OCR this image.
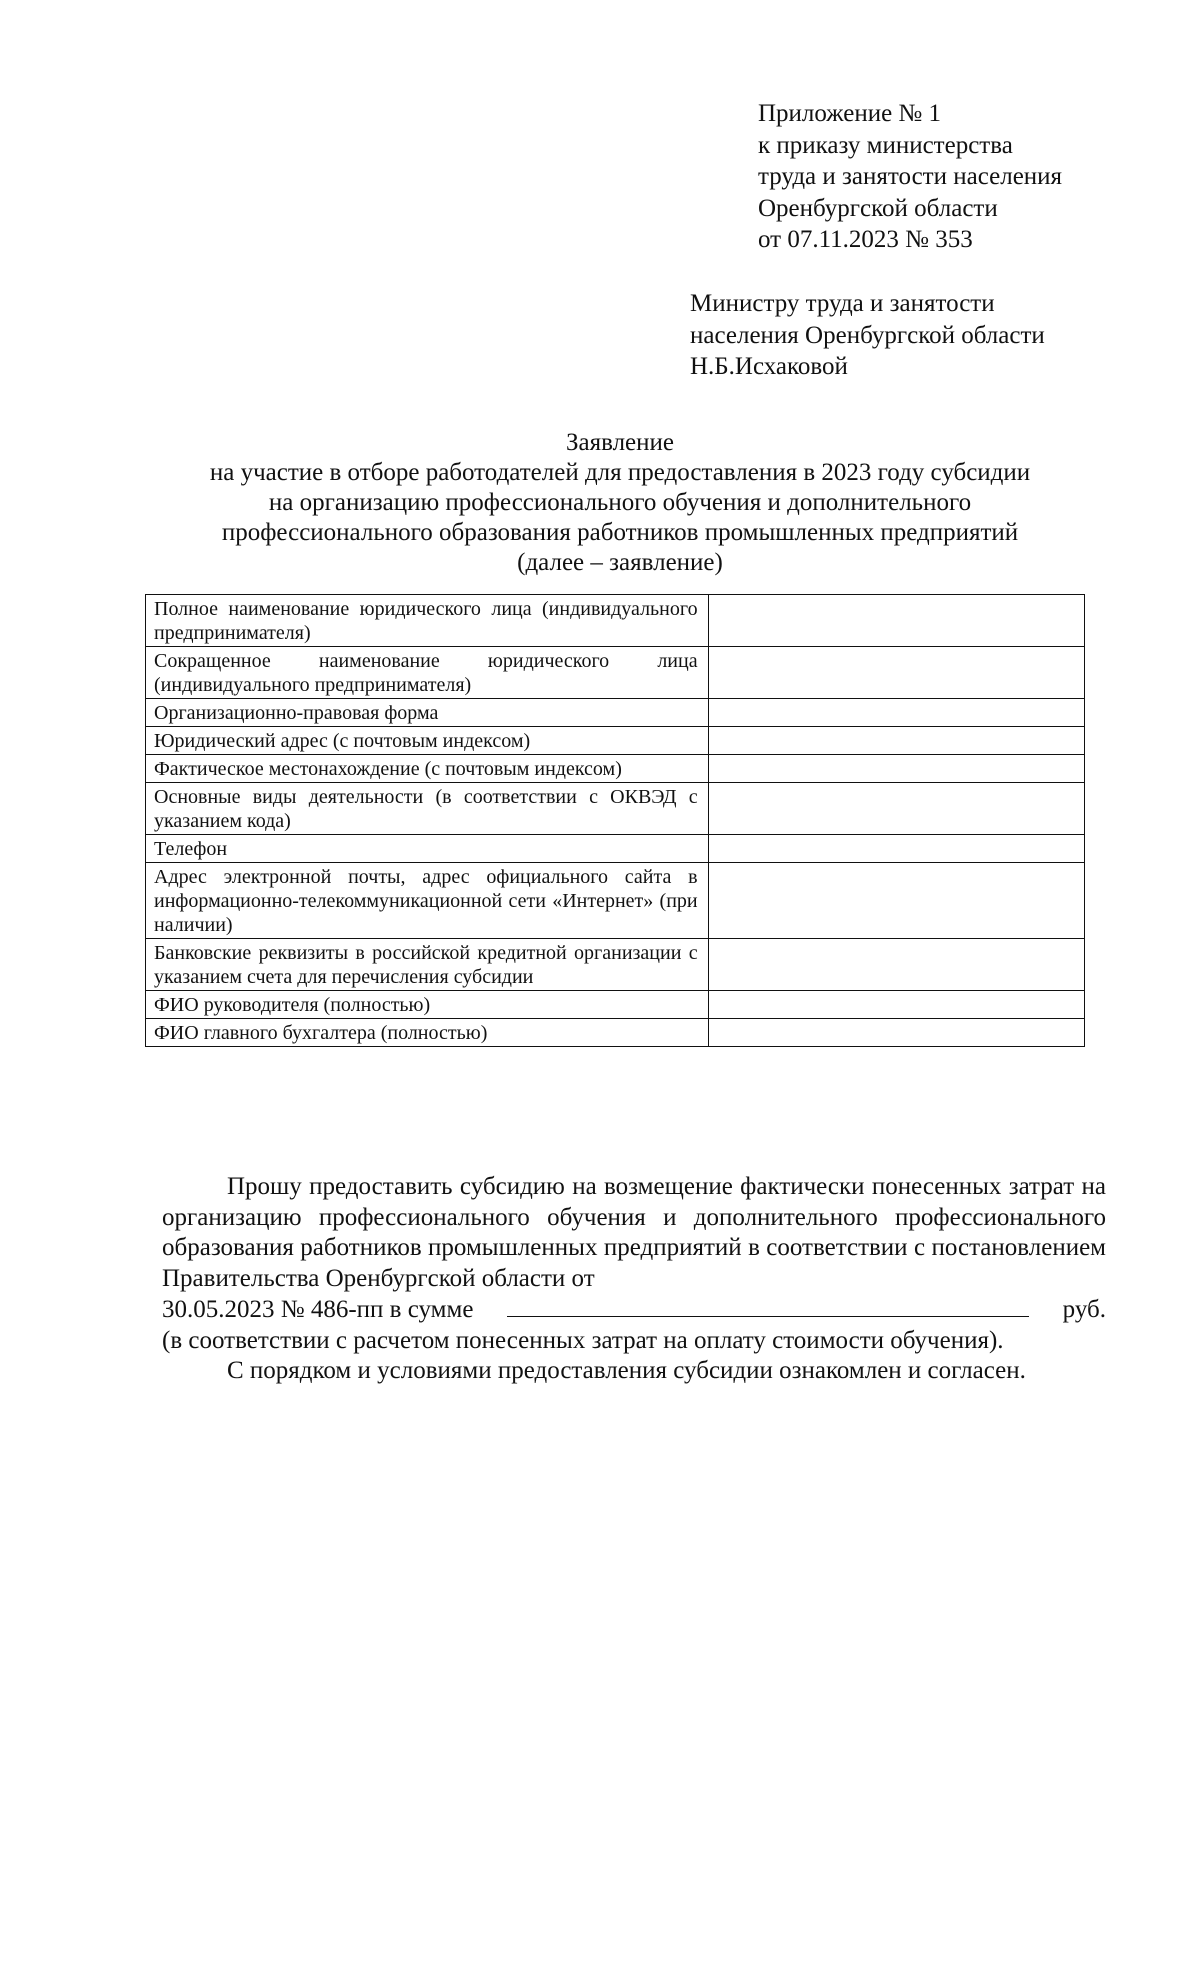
Приложение № 1
к приказу министерства
труда и занятости населения
Оренбургской области
от 07.11.2023 № 353
Министру труда и занятости
населения Оренбургской области
Н.Б.Исхаковой
Заявление
на участие в отборе работодателей для предоставления в 2023 году субсидии
на организацию профессионального обучения и дополнительного
профессионального образования работников промышленных предприятий
(далее – заявление)
Полное наименование юридического лица (индивидуального предпринимателя)	
Сокращенное наименование юридического лица (индивидуального предпринимателя)	
Организационно-правовая форма	
Юридический адрес (с почтовым индексом)	
Фактическое местонахождение (с почтовым индексом)	
Основные виды деятельности (в соответствии с ОКВЭД с указанием кода)	
Телефон	
Адрес электронной почты, адрес официального сайта в информационно-телекоммуникационной сети «Интернет» (при наличии)	
Банковские реквизиты в российской кредитной организации с указанием счета для перечисления субсидии	
ФИО руководителя (полностью)	
ФИО главного бухгалтера (полностью)	

Прошу предоставить субсидию на возмещение фактически понесенных затрат на организацию профессионального обучения и дополнительного профессионального образования работников промышленных предприятий в соответствии с постановлением Правительства Оренбургской области от

30.05.2023 № 486-пп в сумме	руб.

(в соответствии с расчетом понесенных затрат на оплату стоимости обучения).

С порядком и условиями предоставления субсидии ознакомлен и согласен.
